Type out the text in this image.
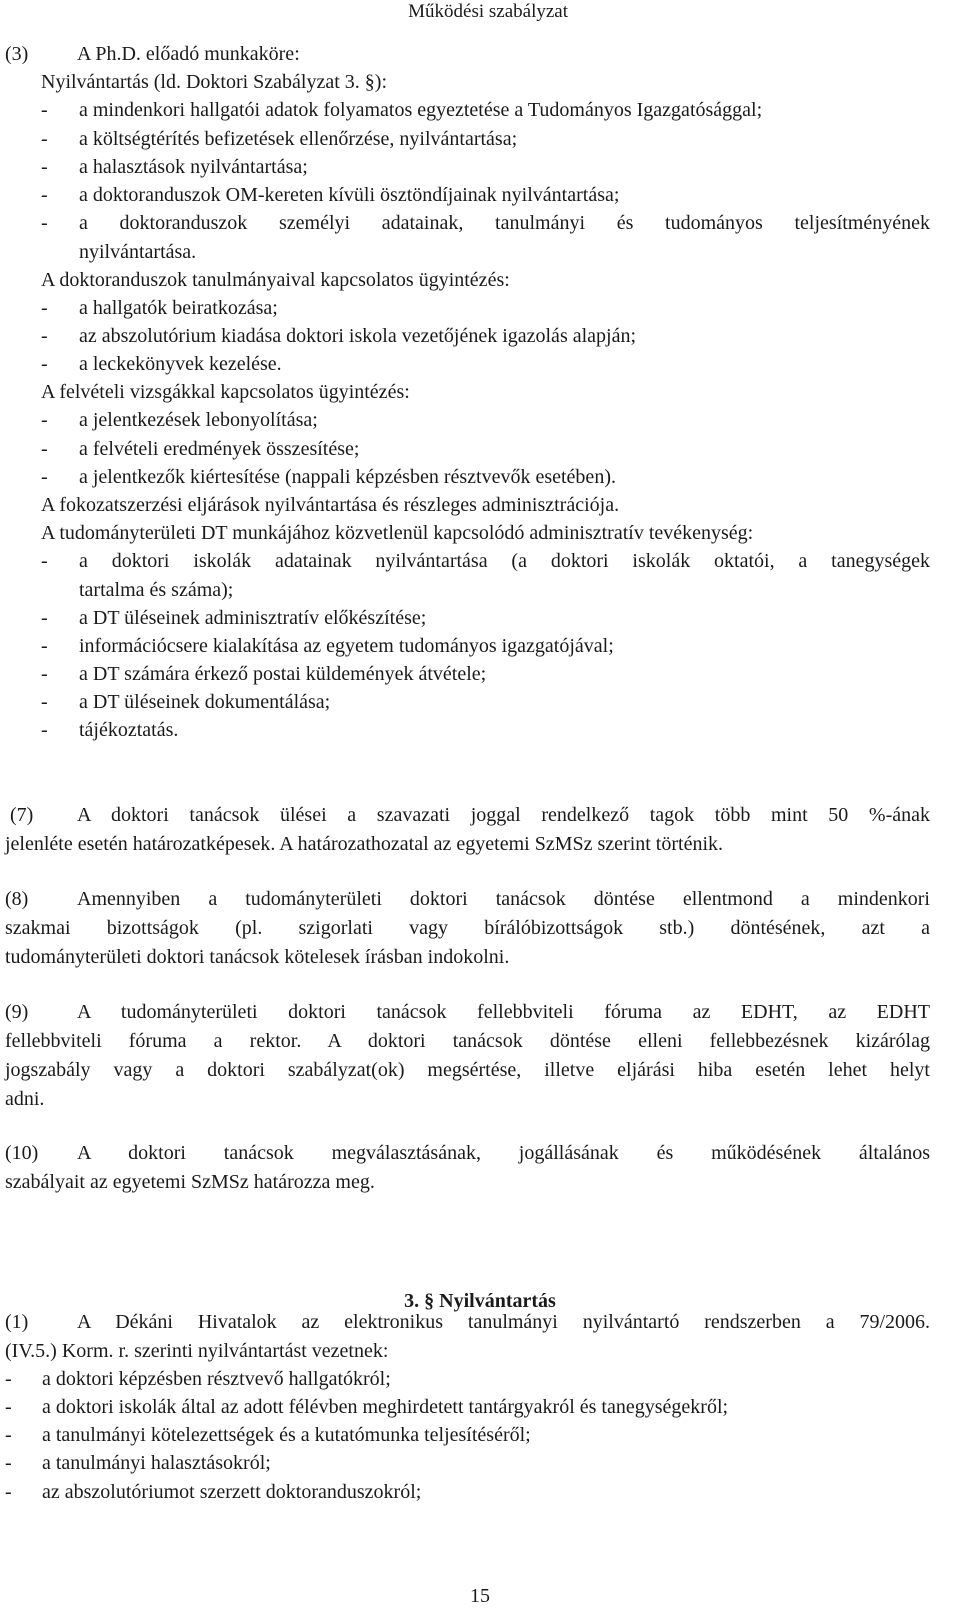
Működési szabályzat
(3) A Ph.D. előadó munkaköre:
Nyilvántartás (ld. Doktori Szabályzat 3. §):
- a mindenkori hallgatói adatok folyamatos egyeztetése a Tudományos Igazgatósággal;
- a költségtérítés befizetések ellenőrzése, nyilvántartása;
- a halasztások nyilvántartása;
- a doktoranduszok OM-kereten kívüli ösztöndíjainak nyilvántartása;
-	a doktoranduszok személyi adatainak, tanulmányi és tudományos teljesítményének
nyilvántartása.
A doktoranduszok tanulmányaival kapcsolatos ügyintézés:
- a hallgatók beiratkozása;
- az abszolutórium kiadása doktori iskola vezetőjének igazolás alapján;
- a leckekönyvek kezelése.
A felvételi vizsgákkal kapcsolatos ügyintézés:
- a jelentkezések lebonyolítása;
- a felvételi eredmények összesítése;
- a jelentkezők kiértesítése (nappali képzésben résztvevők esetében).
A fokozatszerzési eljárások nyilvántartása és részleges adminisztrációja.
A tudományterületi DT munkájához közvetlenül kapcsolódó adminisztratív tevékenység:
-	a doktori iskolák adatainak nyilvántartása (a doktori iskolák oktatói, a tanegységek
tartalma és száma);
- a DT üléseinek adminisztratív előkészítése;
- információcsere kialakítása az egyetem tudományos igazgatójával;
- a DT számára érkező postai küldemények átvétele;
- a DT üléseinek dokumentálása;
- tájékoztatás.
(7) A doktori tanácsok ülései a szavazati joggal rendelkező tagok több mint 50 %-ának
jelenléte esetén határozatképesek. A határozathozatal az egyetemi SzMSz szerint történik.
(8) Amennyiben a tudományterületi doktori tanácsok döntése ellentmond a mindenkori
szakmai bizottságok (pl. szigorlati vagy bírálóbizottságok stb.) döntésének, azt a
tudományterületi doktori tanácsok kötelesek írásban indokolni.
(9) A tudományterületi doktori tanácsok fellebbviteli fóruma az EDHT, az EDHT
fellebbviteli fóruma a rektor. A doktori tanácsok döntése elleni fellebbezésnek kizárólag
jogszabály vagy a doktori szabályzat(ok) megsértése, illetve eljárási hiba esetén lehet helyt
adni.
(10) A doktori tanácsok megválasztásának, jogállásának és működésének általános
szabályait az egyetemi SzMSz határozza meg.
3. § Nyilvántartás
(1) A Dékáni Hivatalok az elektronikus tanulmányi nyilvántartó rendszerben a 79/2006.
(IV.5.) Korm. r. szerinti nyilvántartást vezetnek:
- a doktori képzésben résztvevő hallgatókról;
- a doktori iskolák által az adott félévben meghirdetett tantárgyakról és tanegységekről;
- a tanulmányi kötelezettségek és a kutatómunka teljesítéséről;
- a tanulmányi halasztásokról;
- az abszolutóriumot szerzett doktoranduszokról;
15
